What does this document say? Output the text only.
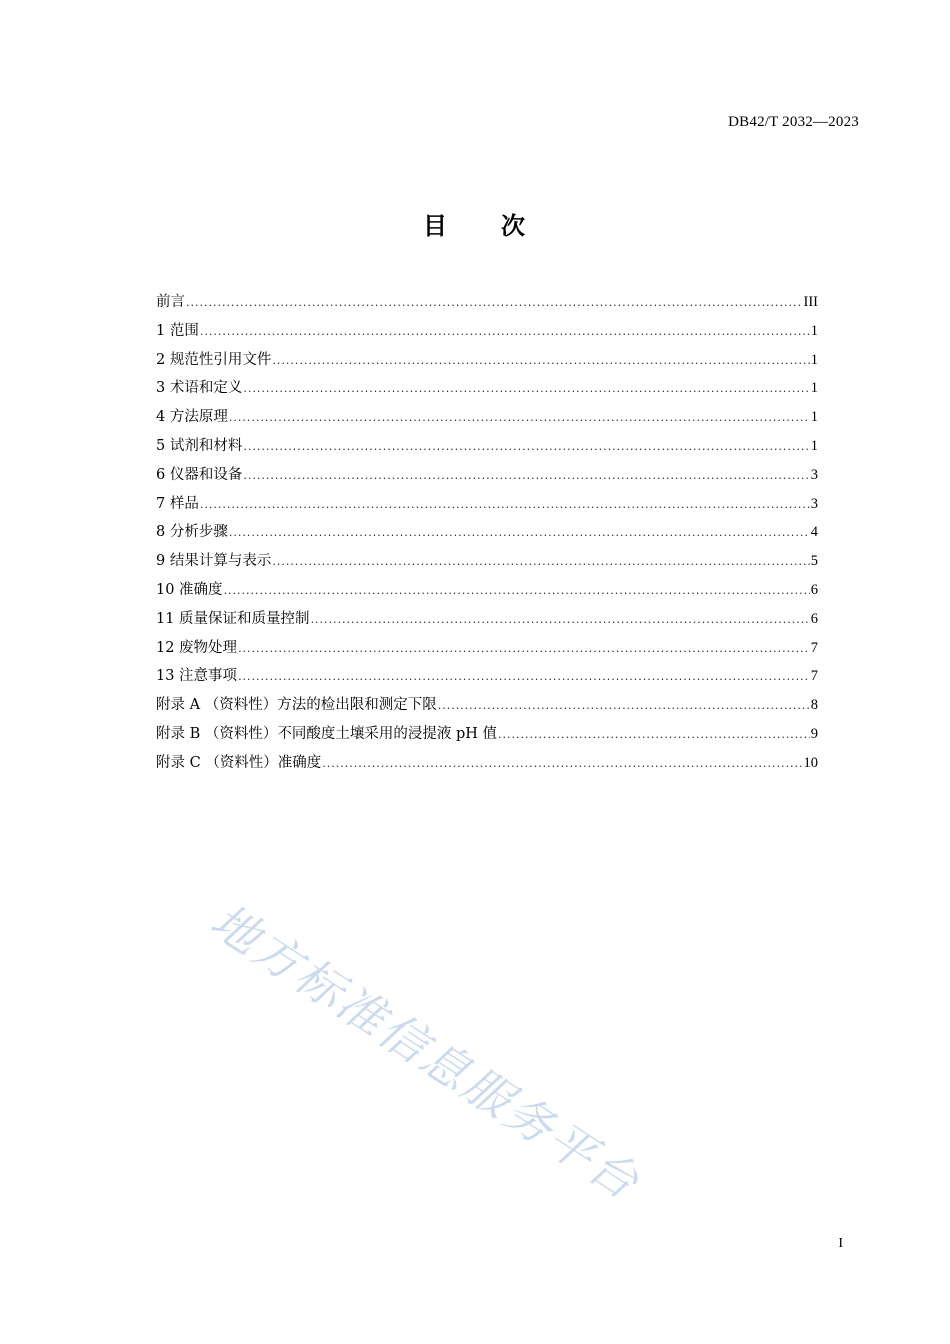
DB42/T 2032—2023
目 次
前言 .....	III
1 范围 .....	1
2 规范性引用文件 .....	1
3 术语和定义 .....	1
4 方法原理 .....	1
5 试剂和材料 .....	1
6 仪器和设备 .....	3
7 样品 .....	3
8 分析步骤 .....	4
9 结果计算与表示 .....	5
10 准确度 .....	6
11 质量保证和质量控制 .....	6
12 废物处理 .....	7
13 注意事项 .....	7
附录 A （资料性）方法的检出限和测定下限 .....	8
附录 B （资料性）不同酸度土壤采用的浸提液 pH 值 .....	9
附录 C （资料性）准确度 .....	10
地方标准信息服务平台
I
